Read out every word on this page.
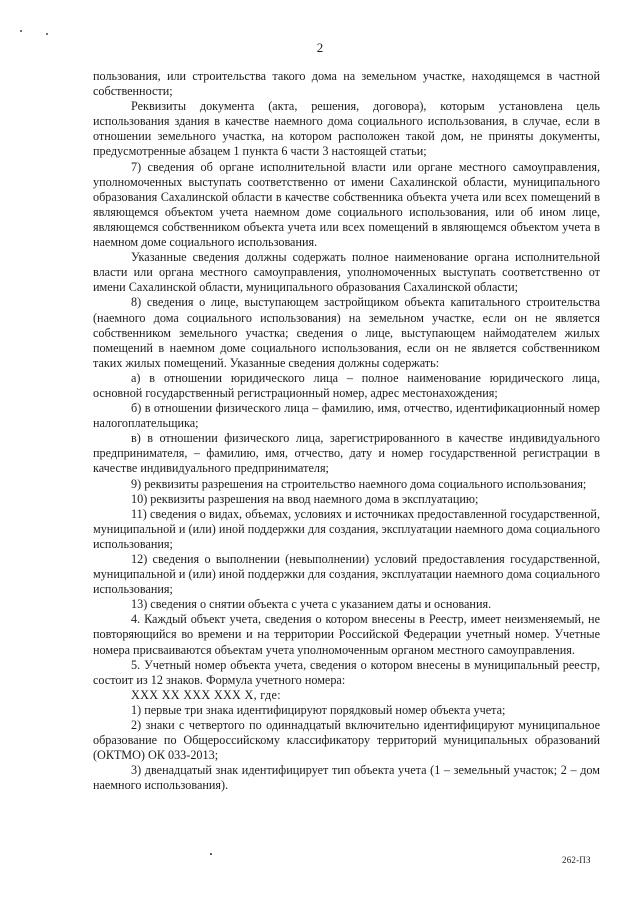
2

пользования, или строительства такого дома на земельном участке, находящемся в частной собственности;

Реквизиты документа (акта, решения, договора), которым установлена цель использования здания в качестве наемного дома социального использования, в случае, если в отношении земельного участка, на котором расположен такой дом, не приняты документы, предусмотренные абзацем 1 пункта 6 части 3 настоящей статьи;

7) сведения об органе исполнительной власти или органе местного самоуправления, уполномоченных выступать соответственно от имени Сахалинской области, муниципального образования Сахалинской области в качестве собственника объекта учета или всех помещений в являющемся объектом учета наемном доме социального использования, или об ином лице, являющемся собственником объекта учета или всех помещений в являющемся объектом учета в наемном доме социального использования.

Указанные сведения должны содержать полное наименование органа исполнительной власти или органа местного самоуправления, уполномоченных выступать соответственно от имени Сахалинской области, муниципального образования Сахалинской области;

8) сведения о лице, выступающем застройщиком объекта капитального строительства (наемного дома социального использования) на земельном участке, если он не является собственником земельного участка; сведения о лице, выступающем наймодателем жилых помещений в наемном доме социального использования, если он не является собственником таких жилых помещений. Указанные сведения должны содержать:

а) в отношении юридического лица – полное наименование юридического лица, основной государственный регистрационный номер, адрес местонахождения;

б) в отношении физического лица – фамилию, имя, отчество, идентификационный номер налогоплательщика;

в) в отношении физического лица, зарегистрированного в качестве индивидуального предпринимателя, – фамилию, имя, отчество, дату и номер государственной регистрации в качестве индивидуального предпринимателя;

9) реквизиты разрешения на строительство наемного дома социального использования;

10) реквизиты разрешения на ввод наемного дома в эксплуатацию;

11) сведения о видах, объемах, условиях и источниках предоставленной государственной, муниципальной и (или) иной поддержки для создания, эксплуатации наемного дома социального использования;

12) сведения о выполнении (невыполнении) условий предоставления государственной, муниципальной и (или) иной поддержки для создания, эксплуатации наемного дома социального использования;

13) сведения о снятии объекта с учета с указанием даты и основания.

4. Каждый объект учета, сведения о котором внесены в Реестр, имеет неизменяемый, не повторяющийся во времени и на территории Российской Федерации учетный номер. Учетные номера присваиваются объектам учета уполномоченным органом местного самоуправления.

5. Учетный номер объекта учета, сведения о котором внесены в муниципальный реестр, состоит из 12 знаков. Формула учетного номера:

ХХХ ХХ ХХХ ХХХ Х, где:

1) первые три знака идентифицируют порядковый номер объекта учета;

2) знаки с четвертого по одиннадцатый включительно идентифицируют муниципальное образование по Общероссийскому классификатору территорий муниципальных образований (ОКТМО) ОК 033-2013;

3) двенадцатый знак идентифицирует тип объекта учета (1 – земельный участок; 2 – дом наемного использования).

262-ПЗ
